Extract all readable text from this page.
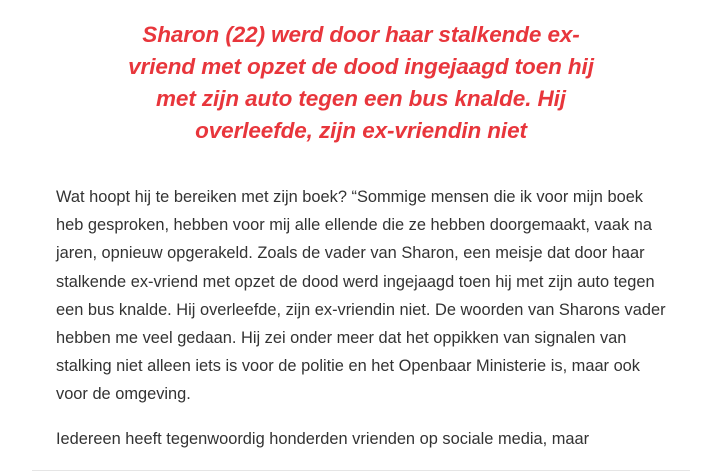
Sharon (22) werd door haar stalkende ex-vriend met opzet de dood ingejaagd toen hij met zijn auto tegen een bus knalde. Hij overleefde, zijn ex-vriendin niet

Wat hoopt hij te bereiken met zijn boek? “Sommige mensen die ik voor mijn boek heb gesproken, hebben voor mij alle ellende die ze hebben doorgemaakt, vaak na jaren, opnieuw opgerakeld. Zoals de vader van Sharon, een meisje dat door haar stalkende ex-vriend met opzet de dood werd ingejaagd toen hij met zijn auto tegen een bus knalde. Hij overleefde, zijn ex-vriendin niet. De woorden van Sharons vader hebben me veel gedaan. Hij zei onder meer dat het oppikken van signalen van stalking niet alleen iets is voor de politie en het Openbaar Ministerie is, maar ook voor de omgeving.

Iedereen heeft tegenwoordig honderden vrienden op sociale media, maar
